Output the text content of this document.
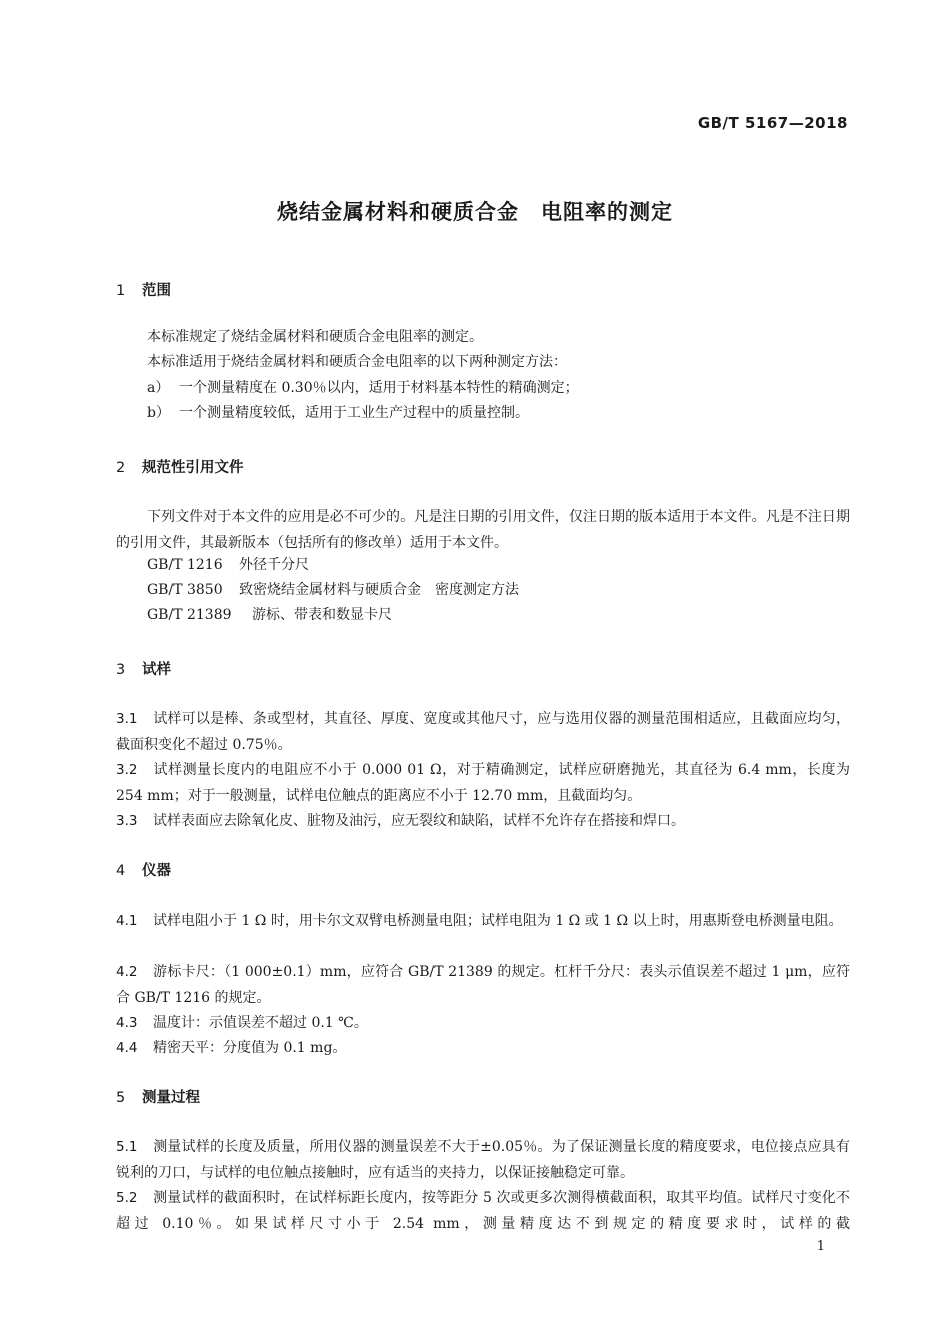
GB/T 5167—2018
烧结金属材料和硬质合金　电阻率的测定
1 范围
本标准规定了烧结金属材料和硬质合金电阻率的测定。
本标准适用于烧结金属材料和硬质合金电阻率的以下两种测定方法：
a） 一个测量精度在 0.30％以内，适用于材料基本特性的精确测定；
b） 一个测量精度较低，适用于工业生产过程中的质量控制。
2 规范性引用文件
下列文件对于本文件的应用是必不可少的。凡是注日期的引用文件，仅注日期的版本适用于本文件。凡是不注日期的引用文件，其最新版本（包括所有的修改单）适用于本文件。
GB/T 1216 外径千分尺
GB/T 3850 致密烧结金属材料与硬质合金　密度测定方法
GB/T 21389 游标、带表和数显卡尺
3 试样
3.1 试样可以是棒、条或型材，其直径、厚度、宽度或其他尺寸，应与选用仪器的测量范围相适应，且截面应均匀，截面积变化不超过 0.75％。
3.2 试样测量长度内的电阻应不小于 0.000 01 Ω，对于精确测定，试样应研磨抛光，其直径为 6.4 mm，长度为 254 mm；对于一般测量，试样电位触点的距离应不小于 12.70 mm，且截面均匀。
3.3 试样表面应去除氧化皮、脏物及油污，应无裂纹和缺陷，试样不允许存在搭接和焊口。
4 仪器
4.1 试样电阻小于 1 Ω 时，用卡尔文双臂电桥测量电阻；试样电阻为 1 Ω 或 1 Ω 以上时，用惠斯登电桥测量电阻。
4.2 游标卡尺：（1 000±0.1）mm，应符合 GB/T 21389 的规定。杠杆千分尺：表头示值误差不超过 1 μm，应符合 GB/T 1216 的规定。
4.3 温度计：示值误差不超过 0.1 ℃。
4.4 精密天平：分度值为 0.1 mg。
5 测量过程
5.1 测量试样的长度及质量，所用仪器的测量误差不大于±0.05％。为了保证测量长度的精度要求，电位接点应具有锐利的刀口，与试样的电位触点接触时，应有适当的夹持力，以保证接触稳定可靠。
5.2 测量试样的截面积时，在试样标距长度内，按等距分 5 次或更多次测得横截面积，取其平均值。试样尺寸变化不超过 0.10％。如果试样尺寸小于 2.54 mm，测量精度达不到规定的精度要求时，试样的截
1
